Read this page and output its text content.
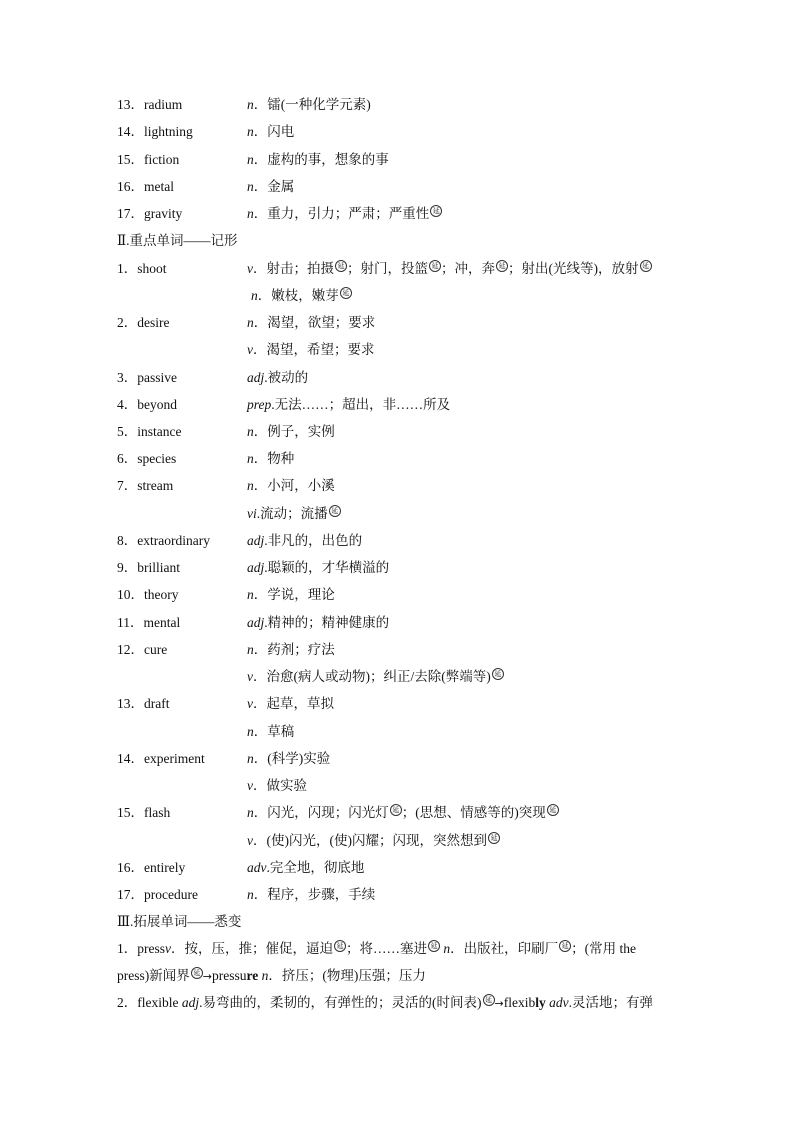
13．radium	n．镭(一种化学元素)
14．lightning	n．闪电
15．fiction	n．虚构的事，想象的事
16．metal	n．金属
17．gravity	n．重力，引力；严肃；严重性 延
Ⅱ.重点单词——记形
1．shoot	v．射击；拍摄 延 ；射门，投篮 延 ；冲，奔 延 ；射出(光线等)，放射 延
n．嫩枝，嫩芽 延
2．desire	n．渴望，欲望；要求
v．渴望，希望；要求
3．passive	adj.被动的
4．beyond	prep.无法……；超出，非……所及
5．instance	n．例子，实例
6．species	n．物种
7．stream	n．小河，小溪
vi.流动；流播 延
8．extraordinary	adj.非凡的，出色的
9．brilliant	adj.聪颖的，才华横溢的
10．theory	n．学说，理论
11．mental	adj.精神的；精神健康的
12．cure	n．药剂；疗法
v．治愈(病人或动物)；纠正/去除(弊端等) 延
13．draft	v．起草，草拟
n．草稿
14．experiment	n．(科学)实验
v．做实验
15．flash	n．闪光，闪现；闪光灯 延 ；(思想、情感等的)突现 延
v．(使)闪光，(使)闪耀；闪现，突然想到 延
16．entirely	adv.完全地，彻底地
17．procedure	n．程序，步骤，手续
Ⅲ.拓展单词——悉变
1．pressv．按，压，推；催促，逼迫 延 ；将……塞进 延 n．出版社，印刷厂 延 ；(常用 the
press)新闻界 延 →pressure n．挤压；(物理)压强；压力
2．flexible adj.易弯曲的，柔韧的，有弹性的；灵活的(时间表) 延 →flexibly adv.灵活地；有弹
